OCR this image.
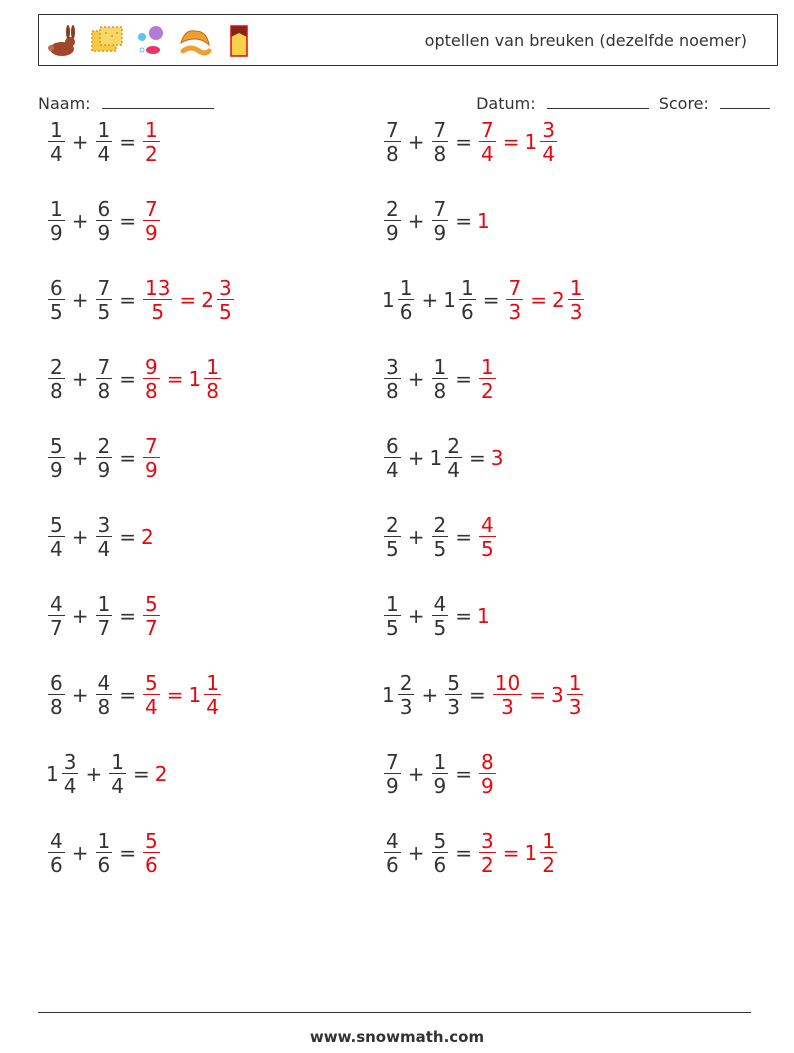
optellen van breuken (dezelfde noemer)
Naam:	Datum:	Score:
$\frac{1}{4} + \frac{1}{4} = \frac{1}{2}$
$\frac{1}{9} + \frac{6}{9} = \frac{7}{9}$
$\frac{6}{5} + \frac{7}{5} = \frac{13}{5} = 2 \frac{3}{5}$
$\frac{2}{8} + \frac{7}{8} = \frac{9}{8} = 1 \frac{1}{8}$
$\frac{5}{9} + \frac{2}{9} = \frac{7}{9}$
$\frac{5}{4} + \frac{3}{4} = 2$
$\frac{4}{7} + \frac{1}{7} = \frac{5}{7}$
$\frac{6}{8} + \frac{4}{8} = \frac{5}{4} = 1 \frac{1}{4}$
$1 \frac{3}{4} + \frac{1}{4} = 2$
$\frac{4}{6} + \frac{1}{6} = \frac{5}{6}$
$\frac{7}{8} + \frac{7}{8} = \frac{7}{4} = 1 \frac{3}{4}$
$\frac{2}{9} + \frac{7}{9} = 1$
$1 \frac{1}{6} + 1 \frac{1}{6} = \frac{7}{3} = 2 \frac{1}{3}$
$\frac{3}{8} + \frac{1}{8} = \frac{1}{2}$
$\frac{6}{4} + 1 \frac{2}{4} = 3$
$\frac{2}{5} + \frac{2}{5} = \frac{4}{5}$
$\frac{1}{5} + \frac{4}{5} = 1$
$1 \frac{2}{3} + \frac{5}{3} = \frac{10}{3} = 3 \frac{1}{3}$
$\frac{7}{9} + \frac{1}{9} = \frac{8}{9}$
$\frac{4}{6} + \frac{5}{6} = \frac{3}{2} = 1 \frac{1}{2}$
www.snowmath.com
